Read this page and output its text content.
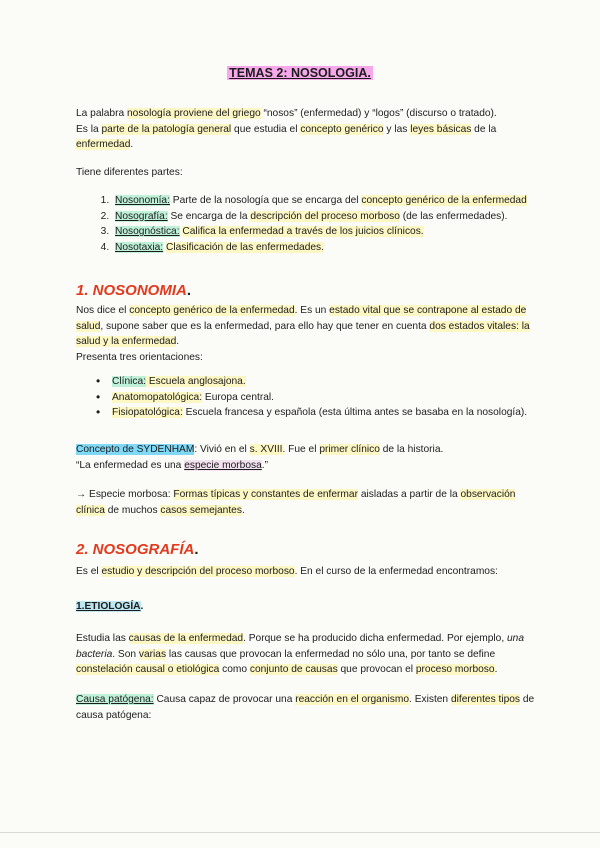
TEMAS 2: NOSOLOGIA.
La palabra nosología proviene del griego “nosos” (enfermedad) y “logos” (discurso o tratado).
Es la parte de la patología general que estudia el concepto genérico y las leyes básicas de la
enfermedad.
Tiene diferentes partes:
1. Nosonomía: Parte de la nosología que se encarga del concepto genérico de la enfermedad
2. Nosografía: Se encarga de la descripción del proceso morboso (de las enfermedades).
3. Nosognóstica: Califica la enfermedad a través de los juicios clínicos.
4. Nosotaxia: Clasificación de las enfermedades.
1. NOSONOMIA.
Nos dice el concepto genérico de la enfermedad. Es un estado vital que se contrapone al estado de salud, supone saber que es la enfermedad, para ello hay que tener en cuenta dos estados vitales: la salud y la enfermedad.
Presenta tres orientaciones:
• Clínica: Escuela anglosajona.
• Anatomopatológica: Europa central.
• Fisiopatológica: Escuela francesa y española (esta última antes se basaba en la nosología).
Concepto de SYDENHAM: Vivió en el s. XVIII. Fue el primer clínico de la historia.
“La enfermedad es una especie morbosa.”
→ Especie morbosa: Formas típicas y constantes de enfermar aisladas a partir de la observación clínica de muchos casos semejantes.
2. NOSOGRAFÍA.
Es el estudio y descripción del proceso morboso. En el curso de la enfermedad encontramos:
1.ETIOLOGÍA.
Estudia las causas de la enfermedad. Porque se ha producido dicha enfermedad. Por ejemplo, una bacteria. Son varias las causas que provocan la enfermedad no sólo una, por tanto se define constelación causal o etiológica como conjunto de causas que provocan el proceso morboso.
Causa patógena: Causa capaz de provocar una reacción en el organismo. Existen diferentes tipos de causa patógena:
